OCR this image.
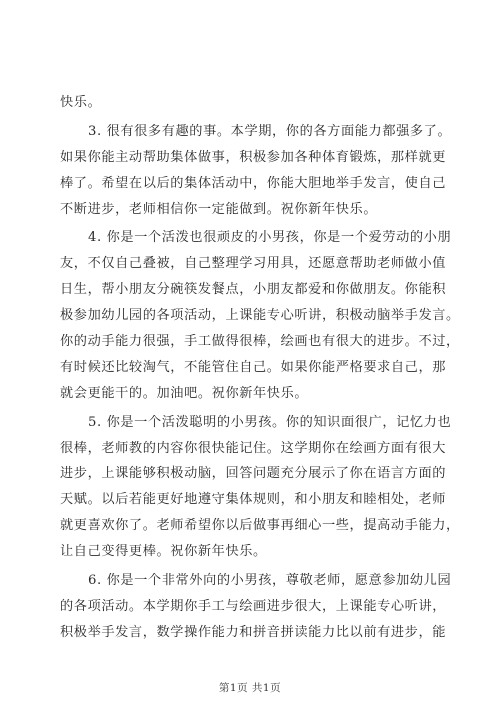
快乐。
3. 很有很多有趣的事。本学期，你的各方面能力都强多了。
如果你能主动帮助集体做事，积极参加各种体育锻炼，那样就更
棒了。希望在以后的集体活动中，你能大胆地举手发言，使自己
不断进步，老师相信你一定能做到。祝你新年快乐。
4. 你是一个活泼也很顽皮的小男孩，你是一个爱劳动的小朋
友，不仅自己叠被，自己整理学习用具，还愿意帮助老师做小值
日生，帮小朋友分碗筷发餐点，小朋友都爱和你做朋友。你能积
极参加幼儿园的各项活动，上课能专心听讲，积极动脑举手发言。
你的动手能力很强，手工做得很棒，绘画也有很大的进步。不过，
有时候还比较淘气，不能管住自己。如果你能严格要求自己，那
就会更能干的。加油吧。祝你新年快乐。
5. 你是一个活泼聪明的小男孩。你的知识面很广，记忆力也
很棒，老师教的内容你很快能记住。这学期你在绘画方面有很大
进步，上课能够积极动脑，回答问题充分展示了你在语言方面的
天赋。以后若能更好地遵守集体规则，和小朋友和睦相处，老师
就更喜欢你了。老师希望你以后做事再细心一些，提高动手能力，
让自己变得更棒。祝你新年快乐。
6. 你是一个非常外向的小男孩，尊敬老师，愿意参加幼儿园
的各项活动。本学期你手工与绘画进步很大，上课能专心听讲，
积极举手发言，数学操作能力和拼音拼读能力比以前有进步，能
第1页 共1页
